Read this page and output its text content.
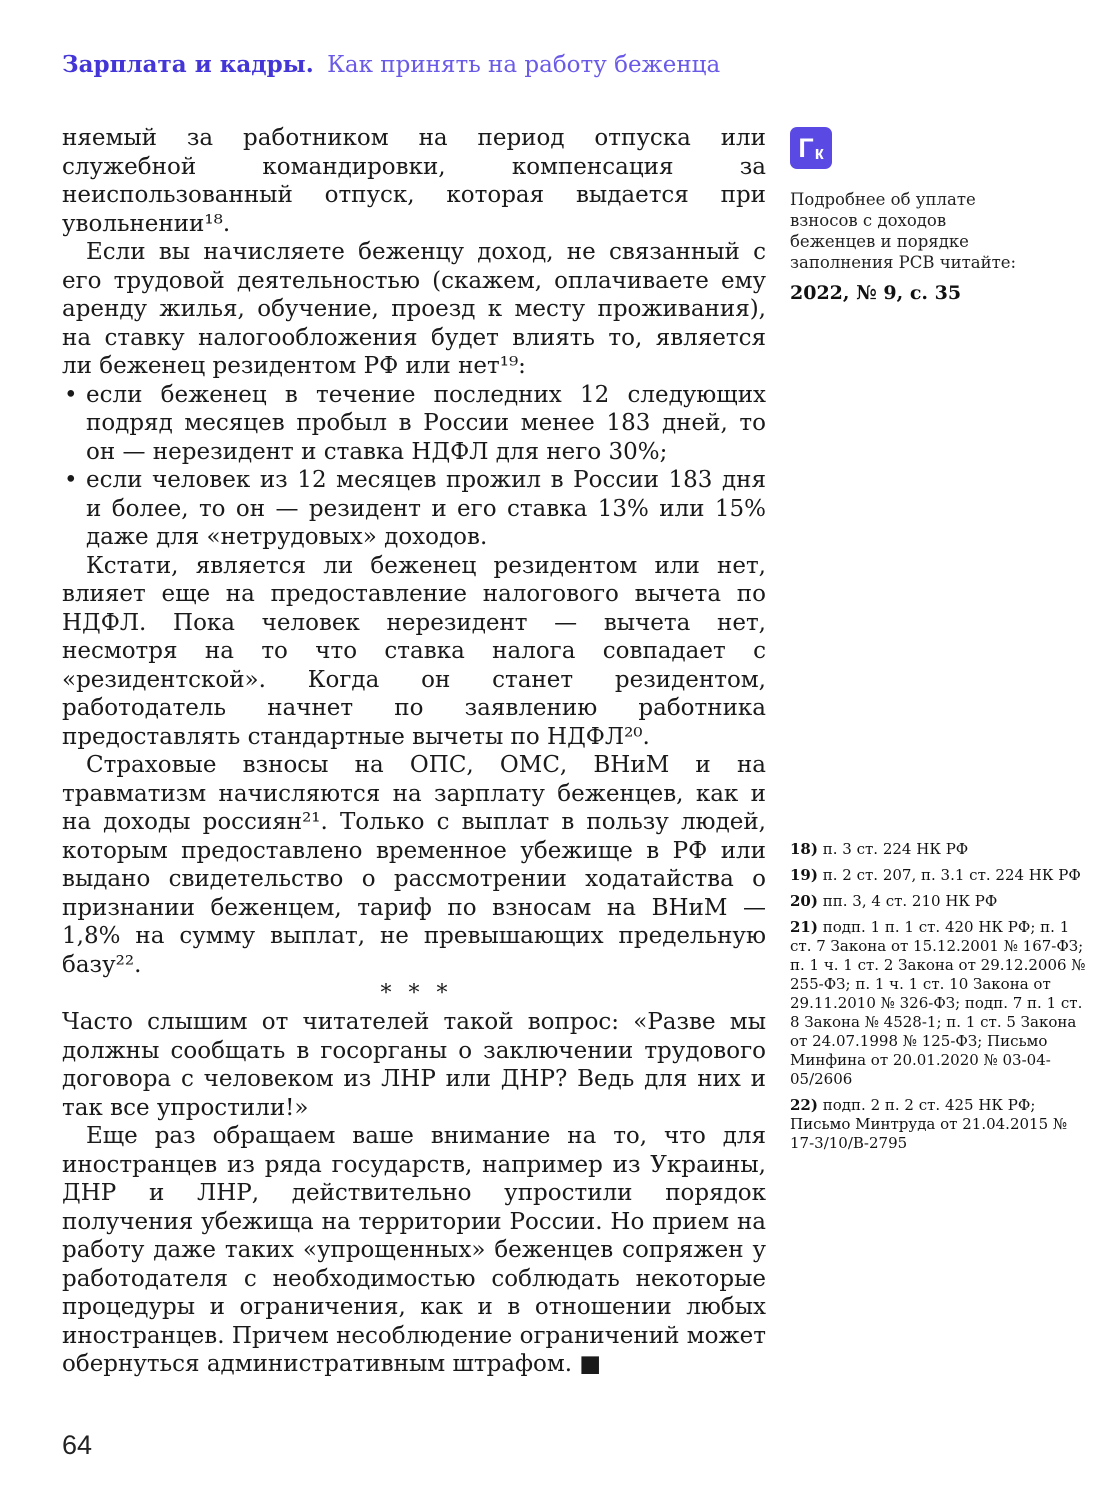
Зарплата и кадры. Как принять на работу беженца

няемый за работником на период отпуска или служебной командировки, компенсация за неиспользованный отпуск, которая выдается при увольнении¹⁸.

Если вы начисляете беженцу доход, не связанный с его трудовой деятельностью (скажем, оплачиваете ему аренду жилья, обучение, проезд к месту проживания), на ставку налогообложения будет влиять то, является ли беженец резидентом РФ или нет¹⁹:

• если беженец в течение последних 12 следующих подряд месяцев пробыл в России менее 183 дней, то он — нерезидент и ставка НДФЛ для него 30%;
• если человек из 12 месяцев прожил в России 183 дня и более, то он — резидент и его ставка 13% или 15% даже для «нетрудовых» доходов.

Кстати, является ли беженец резидентом или нет, влияет еще на предоставление налогового вычета по НДФЛ. Пока человек нерезидент — вычета нет, несмотря на то что ставка налога совпадает с «резидентской». Когда он станет резидентом, работодатель начнет по заявлению работника предоставлять стандартные вычеты по НДФЛ²⁰.

Страховые взносы на ОПС, ОМС, ВНиМ и на травматизм начисляются на зарплату беженцев, как и на доходы россиян²¹. Только с выплат в пользу людей, которым предоставлено временное убежище в РФ или выдано свидетельство о рассмотрении ходатайства о признании беженцем, тариф по взносам на ВНиМ — 1,8% на сумму выплат, не превышающих предельную базу²².

* * *

Часто слышим от читателей такой вопрос: «Разве мы должны сообщать в госорганы о заключении трудового договора с человеком из ЛНР или ДНР? Ведь для них и так все упростили!»

Еще раз обращаем ваше внимание на то, что для иностранцев из ряда государств, например из Украины, ДНР и ЛНР, действительно упростили порядок получения убежища на территории России. Но прием на работу даже таких «упрощенных» беженцев сопряжен у работодателя с необходимостью соблюдать некоторые процедуры и ограничения, как и в отношении любых иностранцев. Причем несоблюдение ограничений может обернуться административным штрафом. ■

Г к

Подробнее об уплате взносов с доходов беженцев и порядке заполнения РСВ читайте:

2022, № 9, с. 35

18) п. 3 ст. 224 НК РФ

19) п. 2 ст. 207, п. 3.1 ст. 224 НК РФ

20) пп. 3, 4 ст. 210 НК РФ

21) подп. 1 п. 1 ст. 420 НК РФ; п. 1 ст. 7 Закона от 15.12.2001 № 167-ФЗ; п. 1 ч. 1 ст. 2 Закона от 29.12.2006 № 255-ФЗ; п. 1 ч. 1 ст. 10 Закона от 29.11.2010 № 326-ФЗ; подп. 7 п. 1 ст. 8 Закона № 4528-1; п. 1 ст. 5 Закона от 24.07.1998 № 125-ФЗ; Письмо Минфина от 20.01.2020 № 03-04-05/2606

22) подп. 2 п. 2 ст. 425 НК РФ; Письмо Минтруда от 21.04.2015 № 17-3/10/В-2795

64
